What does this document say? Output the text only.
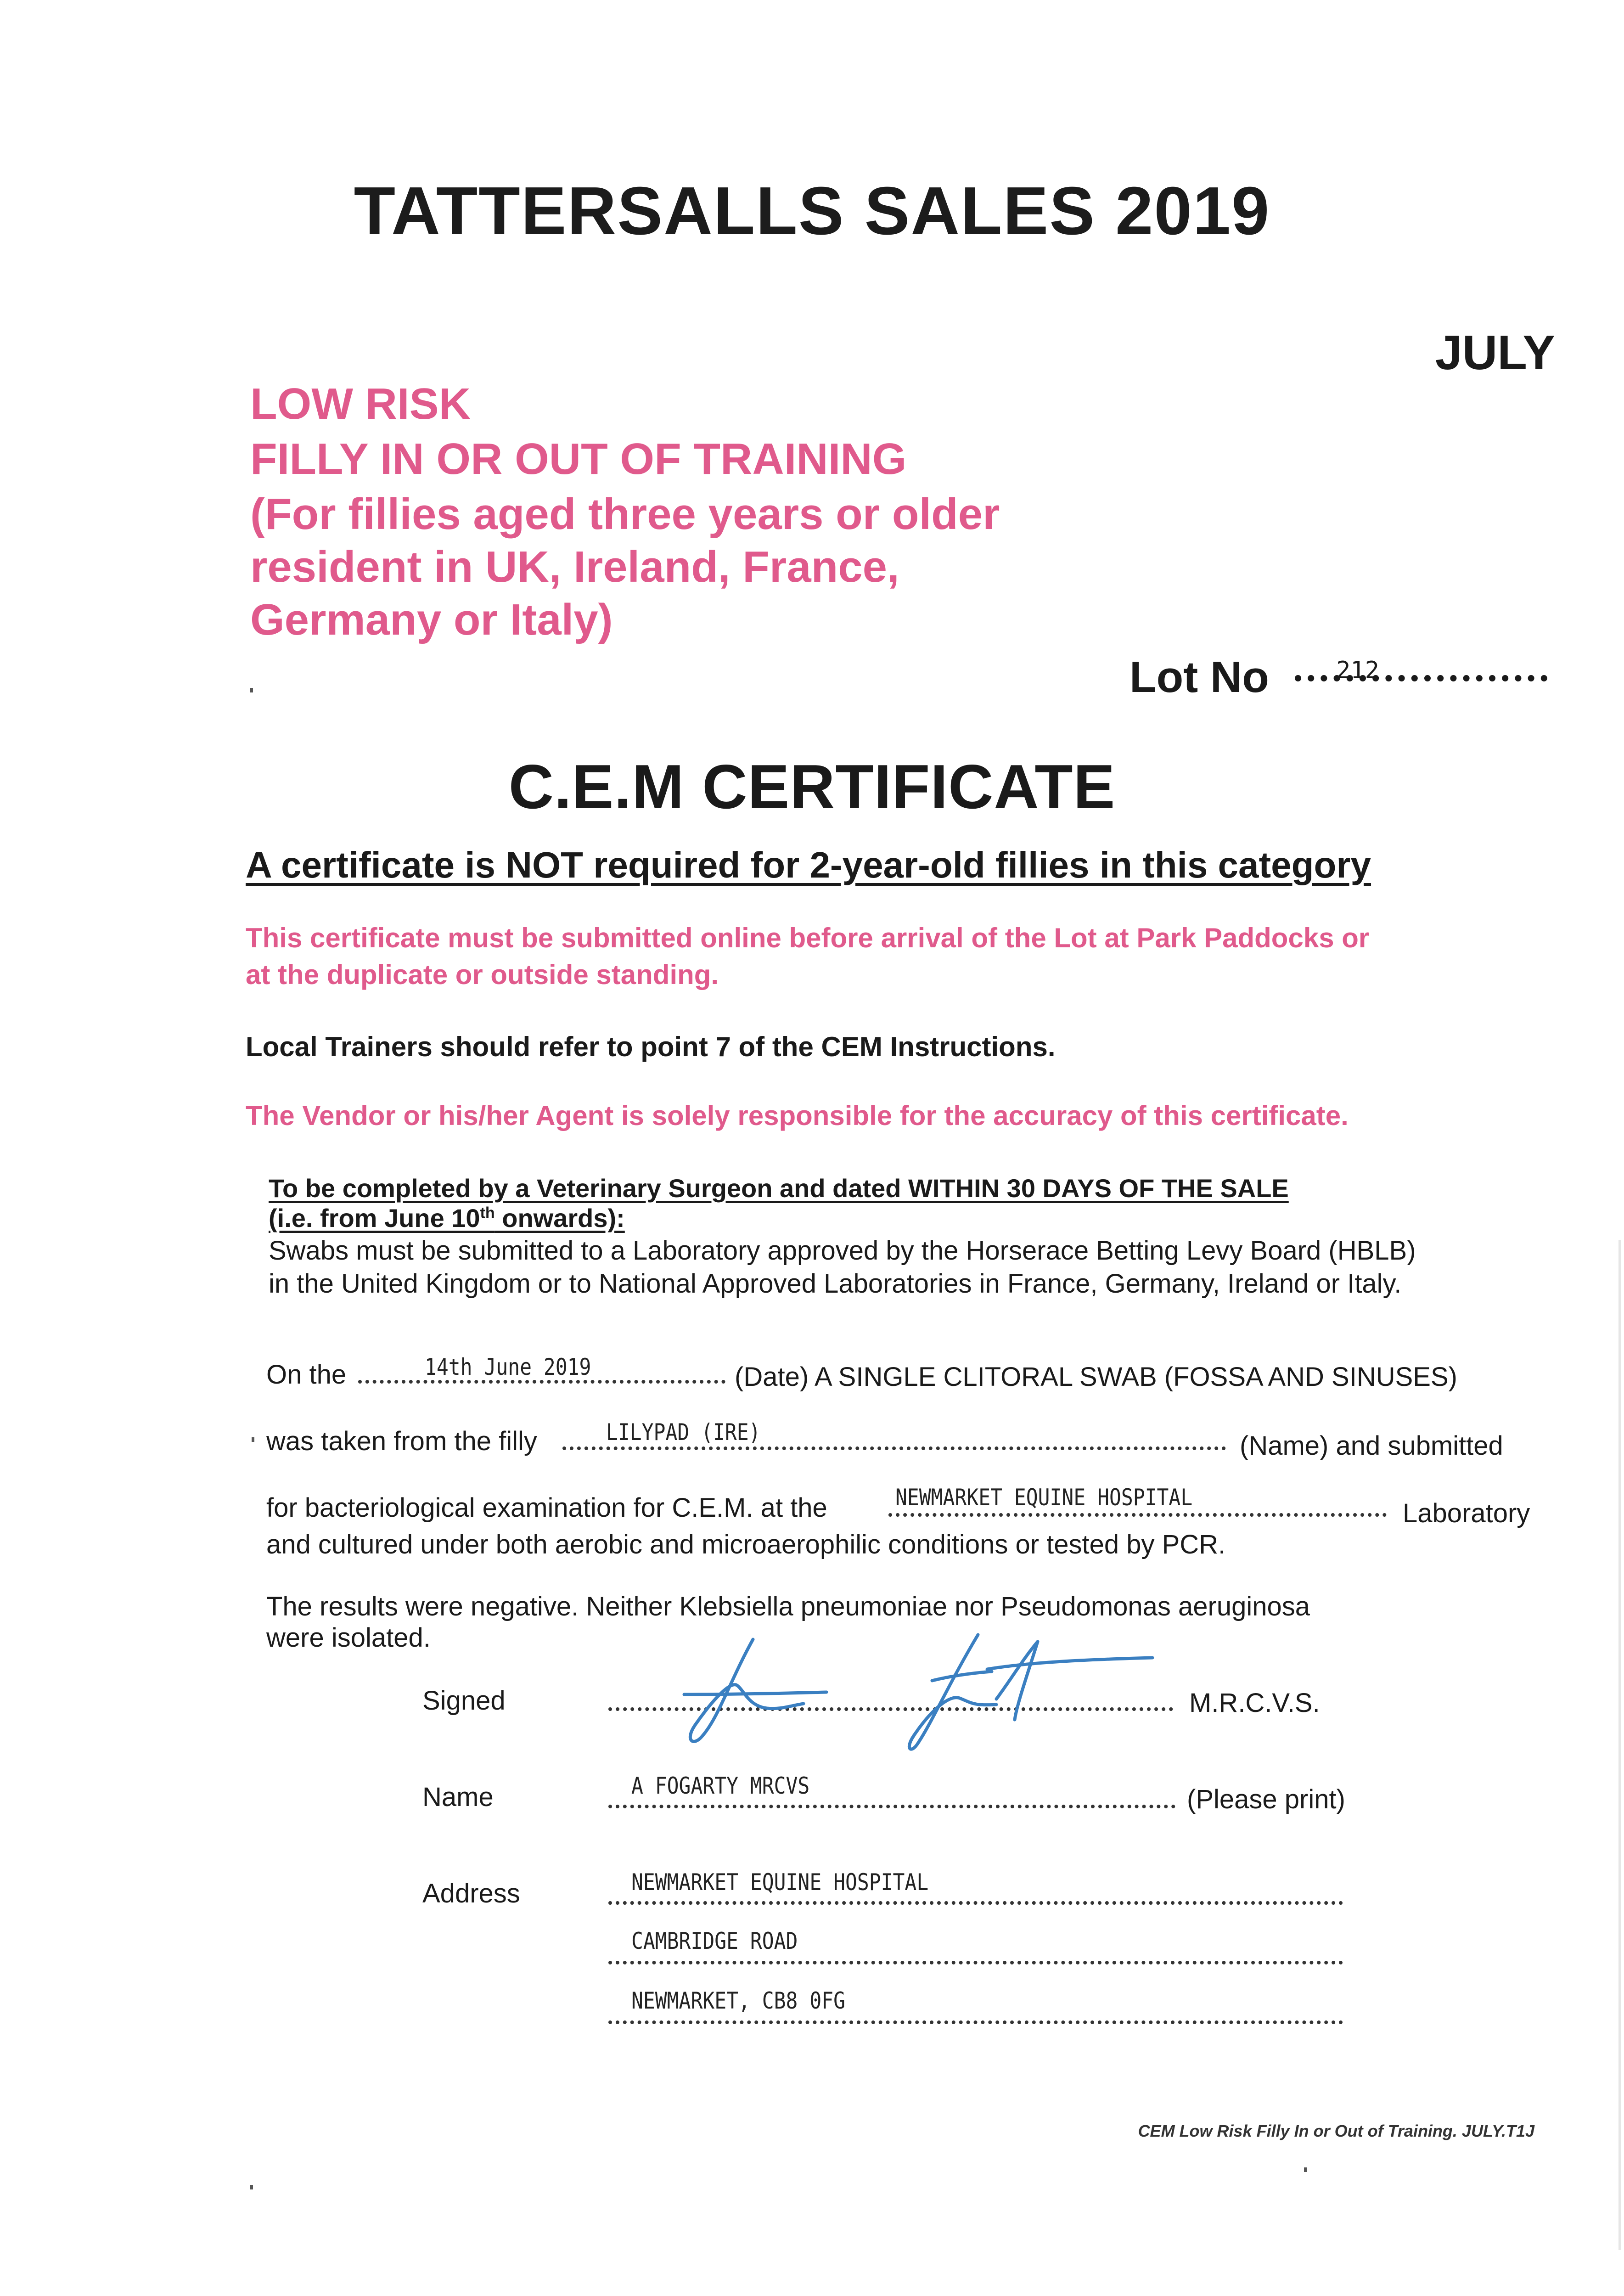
TATTERSALLS SALES 2019
JULY
LOW RISK
FILLY IN OR OUT OF TRAINING
(For fillies aged three years or older
resident in UK, Ireland, France,
Germany or Italy)
Lot No	212
C.E.M CERTIFICATE
A certificate is NOT required for 2-year-old fillies in this category
This certificate must be submitted online before arrival of the Lot at Park Paddocks or
at the duplicate or outside standing.
Local Trainers should refer to point 7 of the CEM Instructions.
The Vendor or his/her Agent is solely responsible for the accuracy of this certificate.
To be completed by a Veterinary Surgeon and dated WITHIN 30 DAYS OF THE SALE
(i.e. from June 10th onwards):
Swabs must be submitted to a Laboratory approved by the Horserace Betting Levy Board (HBLB)
in the United Kingdom or to National Approved Laboratories in France, Germany, Ireland or Italy.
On the	14th June 2019	(Date) A SINGLE CLITORAL SWAB (FOSSA AND SINUSES)
was taken from the filly	LILYPAD (IRE)	(Name) and submitted
for bacteriological examination for C.E.M. at the	NEWMARKET EQUINE HOSPITAL
Laboratory
and cultured under both aerobic and microaerophilic conditions or tested by PCR.
The results were negative. Neither Klebsiella pneumoniae nor Pseudomonas aeruginosa
were isolated.
Signed	M.R.C.V.S.
Name	A FOGARTY MRCVS	(Please print)
Address	NEWMARKET EQUINE HOSPITAL
CAMBRIDGE ROAD
NEWMARKET, CB8 0FG
CEM Low Risk Filly In or Out of Training. JULY.T1J
